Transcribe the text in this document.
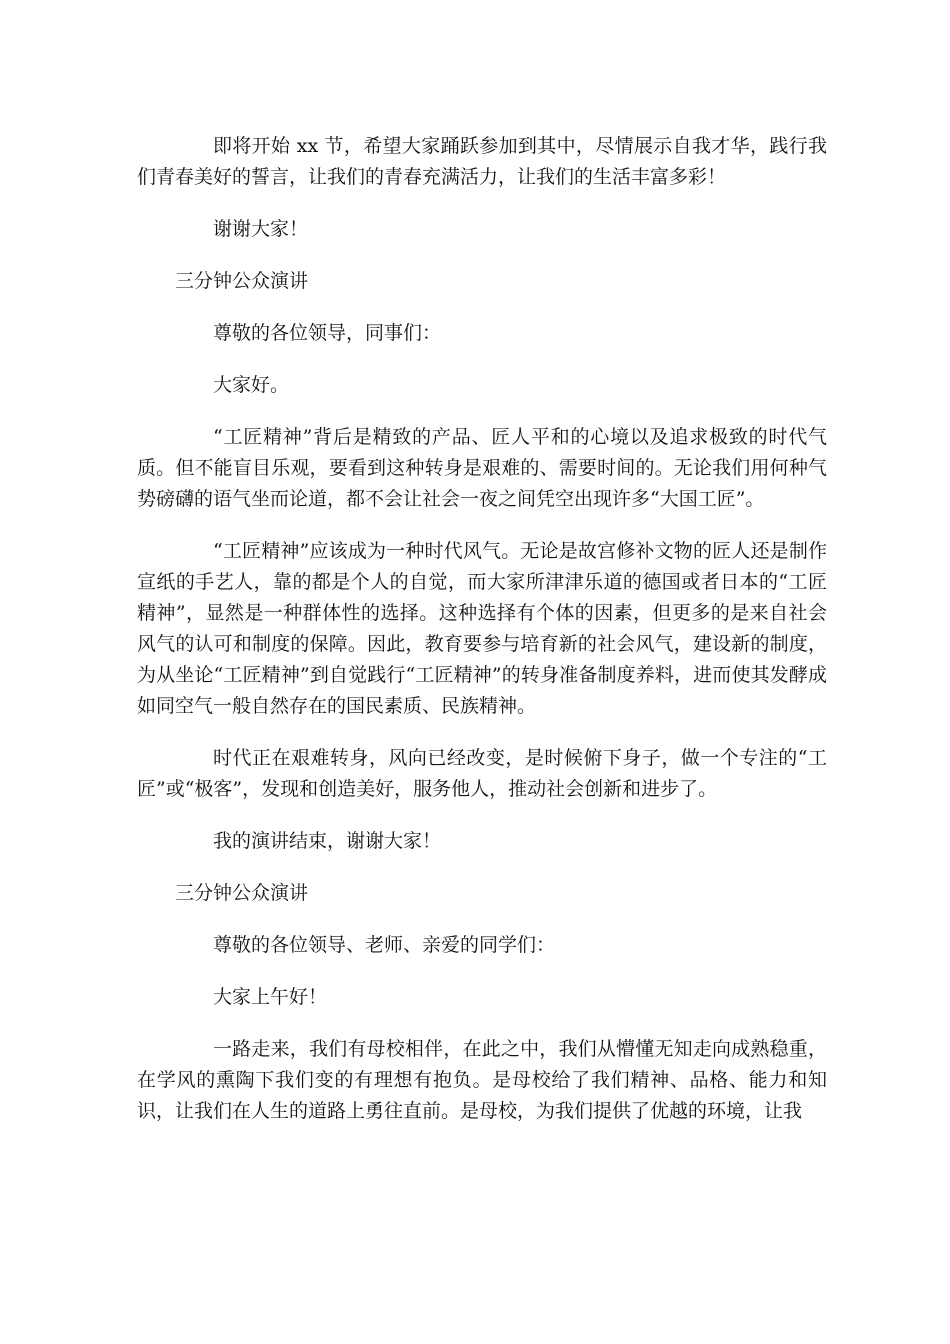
即将开始 xx 节，希望大家踊跃参加到其中，尽情展示自我才华，践行我们青春美好的誓言，让我们的青春充满活力，让我们的生活丰富多彩！

谢谢大家！

三分钟公众演讲

尊敬的各位领导，同事们：

大家好。

“工匠精神”背后是精致的产品、匠人平和的心境以及追求极致的时代气质。但不能盲目乐观，要看到这种转身是艰难的、需要时间的。无论我们用何种气势磅礴的语气坐而论道，都不会让社会一夜之间凭空出现许多“大国工匠”。

“工匠精神”应该成为一种时代风气。无论是故宫修补文物的匠人还是制作宣纸的手艺人，靠的都是个人的自觉，而大家所津津乐道的德国或者日本的“工匠精神”，显然是一种群体性的选择。这种选择有个体的因素，但更多的是来自社会风气的认可和制度的保障。因此，教育要参与培育新的社会风气，建设新的制度，为从坐论“工匠精神”到自觉践行“工匠精神”的转身准备制度养料，进而使其发酵成如同空气一般自然存在的国民素质、民族精神。

时代正在艰难转身，风向已经改变，是时候俯下身子，做一个专注的“工匠”或“极客”，发现和创造美好，服务他人，推动社会创新和进步了。

我的演讲结束，谢谢大家！

三分钟公众演讲

尊敬的各位领导、老师、亲爱的同学们：

大家上午好！

一路走来，我们有母校相伴，在此之中，我们从懵懂无知走向成熟稳重，在学风的熏陶下我们变的有理想有抱负。是母校给了我们精神、品格、能力和知识，让我们在人生的道路上勇往直前。是母校，为我们提供了优越的环境，让我
